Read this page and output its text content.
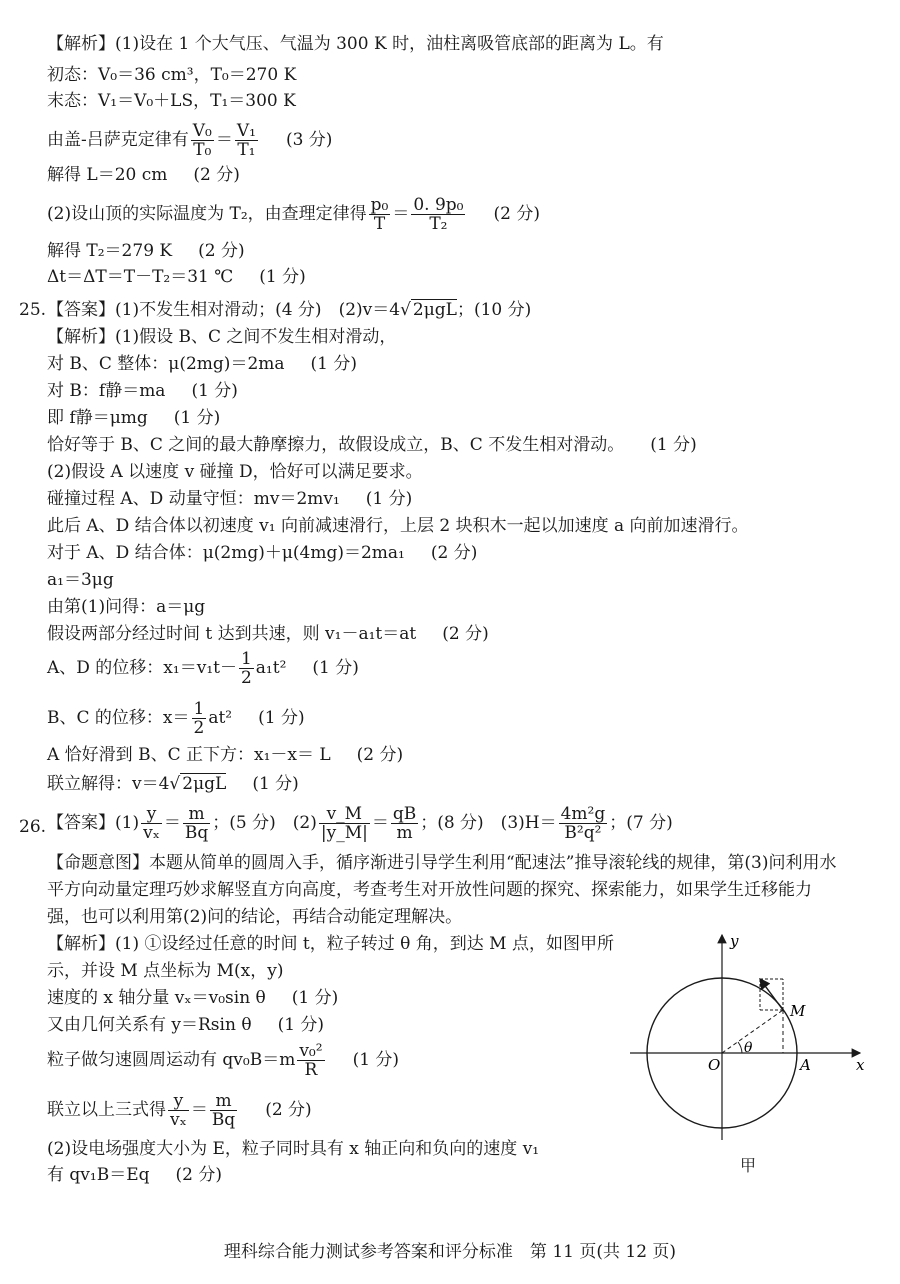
【解析】(1)设在 1 个大气压、气温为 300 K 时，油柱离吸管底部的距离为 L。有
初态：V₀＝36 cm³，T₀＝270 K
末态：V₁＝V₀＋LS，T₁＝300 K
由盖-吕萨克定律有 $\frac{\text{V₀}}{\text{T₀}} = \frac{\text{V₁}}{\text{T₁}} (3$ 分)
解得 L＝20 cm (2 分)
(2)设山顶的实际温度为 T₂，由查理定律得 $\frac{\text{p₀}}{T} = \frac{\text{0. 9p₀}}{\text{T₂}} (2$ 分)
解得 T₂＝279 K (2 分)
Δt＝ΔT＝T－T₂＝31 ℃ (1 分)
25. 【答案】(1)不发生相对滑动；(4 分)　(2)v＝4√ 2μgL；(10 分)
【解析】(1)假设 B、C 之间不发生相对滑动，
对 B、C 整体：μ(2mg)＝2ma (1 分)
对 B：f静＝ma (1 分)
即 f静＝μmg (1 分)
恰好等于 B、C 之间的最大静摩擦力，故假设成立，B、C 不发生相对滑动。 (1 分)
(2)假设 A 以速度 v 碰撞 D，恰好可以满足要求。
碰撞过程 A、D 动量守恒：mv＝2mv₁ (1 分)
此后 A、D 结合体以初速度 v₁ 向前减速滑行，上层 2 块积木一起以加速度 a 向前加速滑行。
对于 A、D 结合体：μ(2mg)＋μ(4mg)＝2ma₁ (2 分)
a₁＝3μg
由第(1)问得：a＝μg
假设两部分经过时间 t 达到共速，则 v₁－a₁t＝at (2 分)
A、D 的位移：$x_1=v_1t- \frac{1}{2} a_1t^2$ (1 分)
B、C 的位移：$x= \frac{1}{2} at^2$ (1 分)
A 恰好滑到 B、C 正下方：x₁－x＝ L (2 分)
联立解得：v＝4√ 2μgL (1 分)
26. 【答案】$(1) \frac{y}{\text{vₓ}} = \frac{m}{Bq}$ ；(5 分)　$(2) \frac{v\_M}{|y\_M|} = \frac{qB}{m}$ ；(8 分)　$(3)H= \frac{\text{4m²g}}{\text{B²q²}}$ ；(7 分)
【命题意图】本题从简单的圆周入手，循序渐进引导学生利用“配速法”推导滚轮线的规律，第(3)问利用水
平方向动量定理巧妙求解竖直方向高度，考查考生对开放性问题的探究、探索能力，如果学生迁移能力
强，也可以利用第(2)问的结论，再结合动能定理解决。
【解析】(1) ①设经过任意的时间 t，粒子转过 θ 角，到达 M 点，如图甲所
示，并设 M 点坐标为 M(x，y)
速度的 x 轴分量 vₓ＝v₀sin θ (1 分)
又由几何关系有 y＝Rsin θ (1 分)
粒子做匀速圆周运动有 $qv_0B=m \frac{\text{v₀²}}{R} (1$ 分)
联立以上三式得 $\frac{y}{\text{vₓ}} = \frac{m}{Bq} (2$ 分)
(2)设电场强度大小为 E，粒子同时具有 x 轴正向和负向的速度 v₁
有 qv₁B＝Eq (2 分)
y
x
O	A
M
θ
甲
理科综合能力测试参考答案和评分标准　第 11 页(共 12 页)
